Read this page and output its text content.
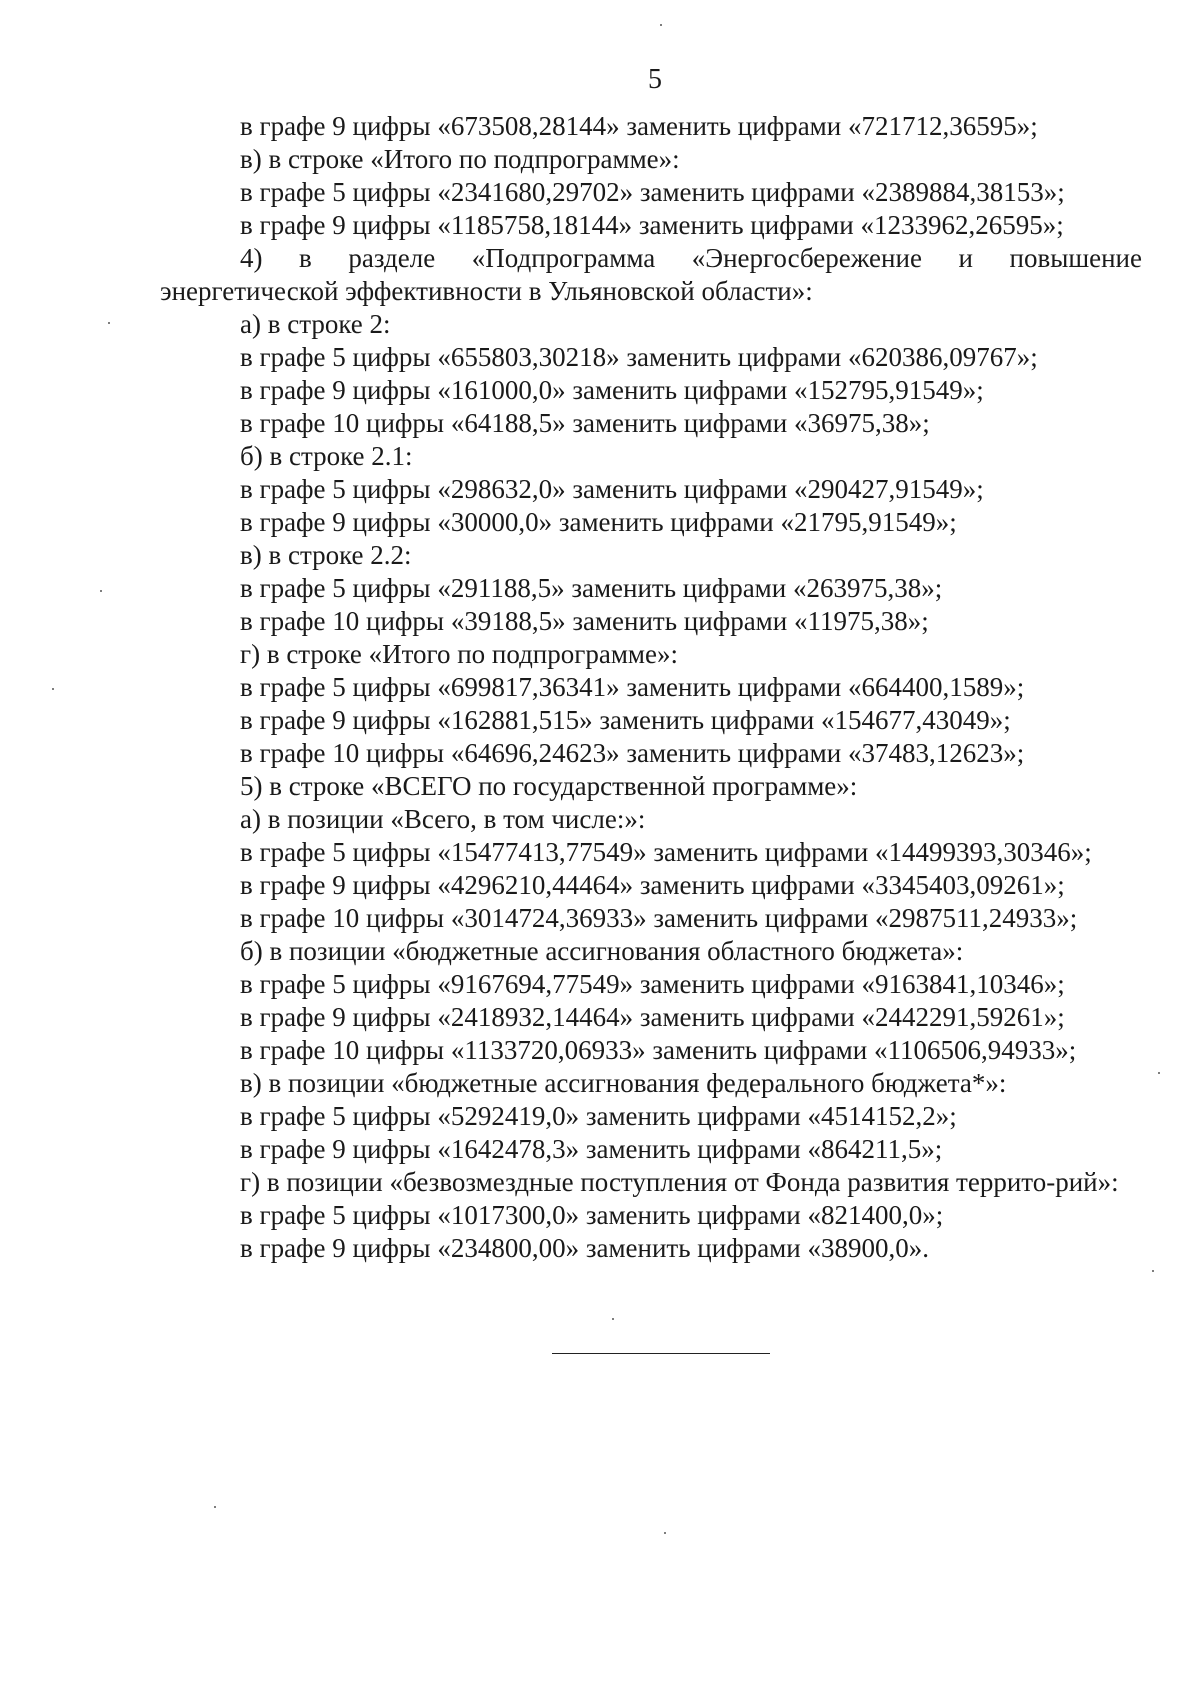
5

в графе 9 цифры «673508,28144» заменить цифрами «721712,36595»;

в) в строке «Итого по подпрограмме»:

в графе 5 цифры «2341680,29702» заменить цифрами «2389884,38153»;

в графе 9 цифры «1185758,18144» заменить цифрами «1233962,26595»;

4) в разделе «Подпрограмма «Энергосбережение и повышение энергетической эффективности в Ульяновской области»:

а) в строке 2:

в графе 5 цифры «655803,30218» заменить цифрами «620386,09767»;

в графе 9 цифры «161000,0» заменить цифрами «152795,91549»;

в графе 10 цифры «64188,5» заменить цифрами «36975,38»;

б) в строке 2.1:

в графе 5 цифры «298632,0» заменить цифрами «290427,91549»;

в графе 9 цифры «30000,0» заменить цифрами «21795,91549»;

в) в строке 2.2:

в графе 5 цифры «291188,5» заменить цифрами «263975,38»;

в графе 10 цифры «39188,5» заменить цифрами «11975,38»;

г) в строке «Итого по подпрограмме»:

в графе 5 цифры «699817,36341» заменить цифрами «664400,1589»;

в графе 9 цифры «162881,515» заменить цифрами «154677,43049»;

в графе 10 цифры «64696,24623» заменить цифрами «37483,12623»;

5) в строке «ВСЕГО по государственной программе»:

а) в позиции «Всего, в том числе:»:

в графе 5 цифры «15477413,77549» заменить цифрами «14499393,30346»;

в графе 9 цифры «4296210,44464» заменить цифрами «3345403,09261»;

в графе 10 цифры «3014724,36933» заменить цифрами «2987511,24933»;

б) в позиции «бюджетные ассигнования областного бюджета»:

в графе 5 цифры «9167694,77549» заменить цифрами «9163841,10346»;

в графе 9 цифры «2418932,14464» заменить цифрами «2442291,59261»;

в графе 10 цифры «1133720,06933» заменить цифрами «1106506,94933»;

в) в позиции «бюджетные ассигнования федерального бюджета*»:

в графе 5 цифры «5292419,0» заменить цифрами «4514152,2»;

в графе 9 цифры «1642478,3» заменить цифрами «864211,5»;

г) в позиции «безвозмездные поступления от Фонда развития террито-рий»:

в графе 5 цифры «1017300,0» заменить цифрами «821400,0»;

в графе 9 цифры «234800,00» заменить цифрами «38900,0».
